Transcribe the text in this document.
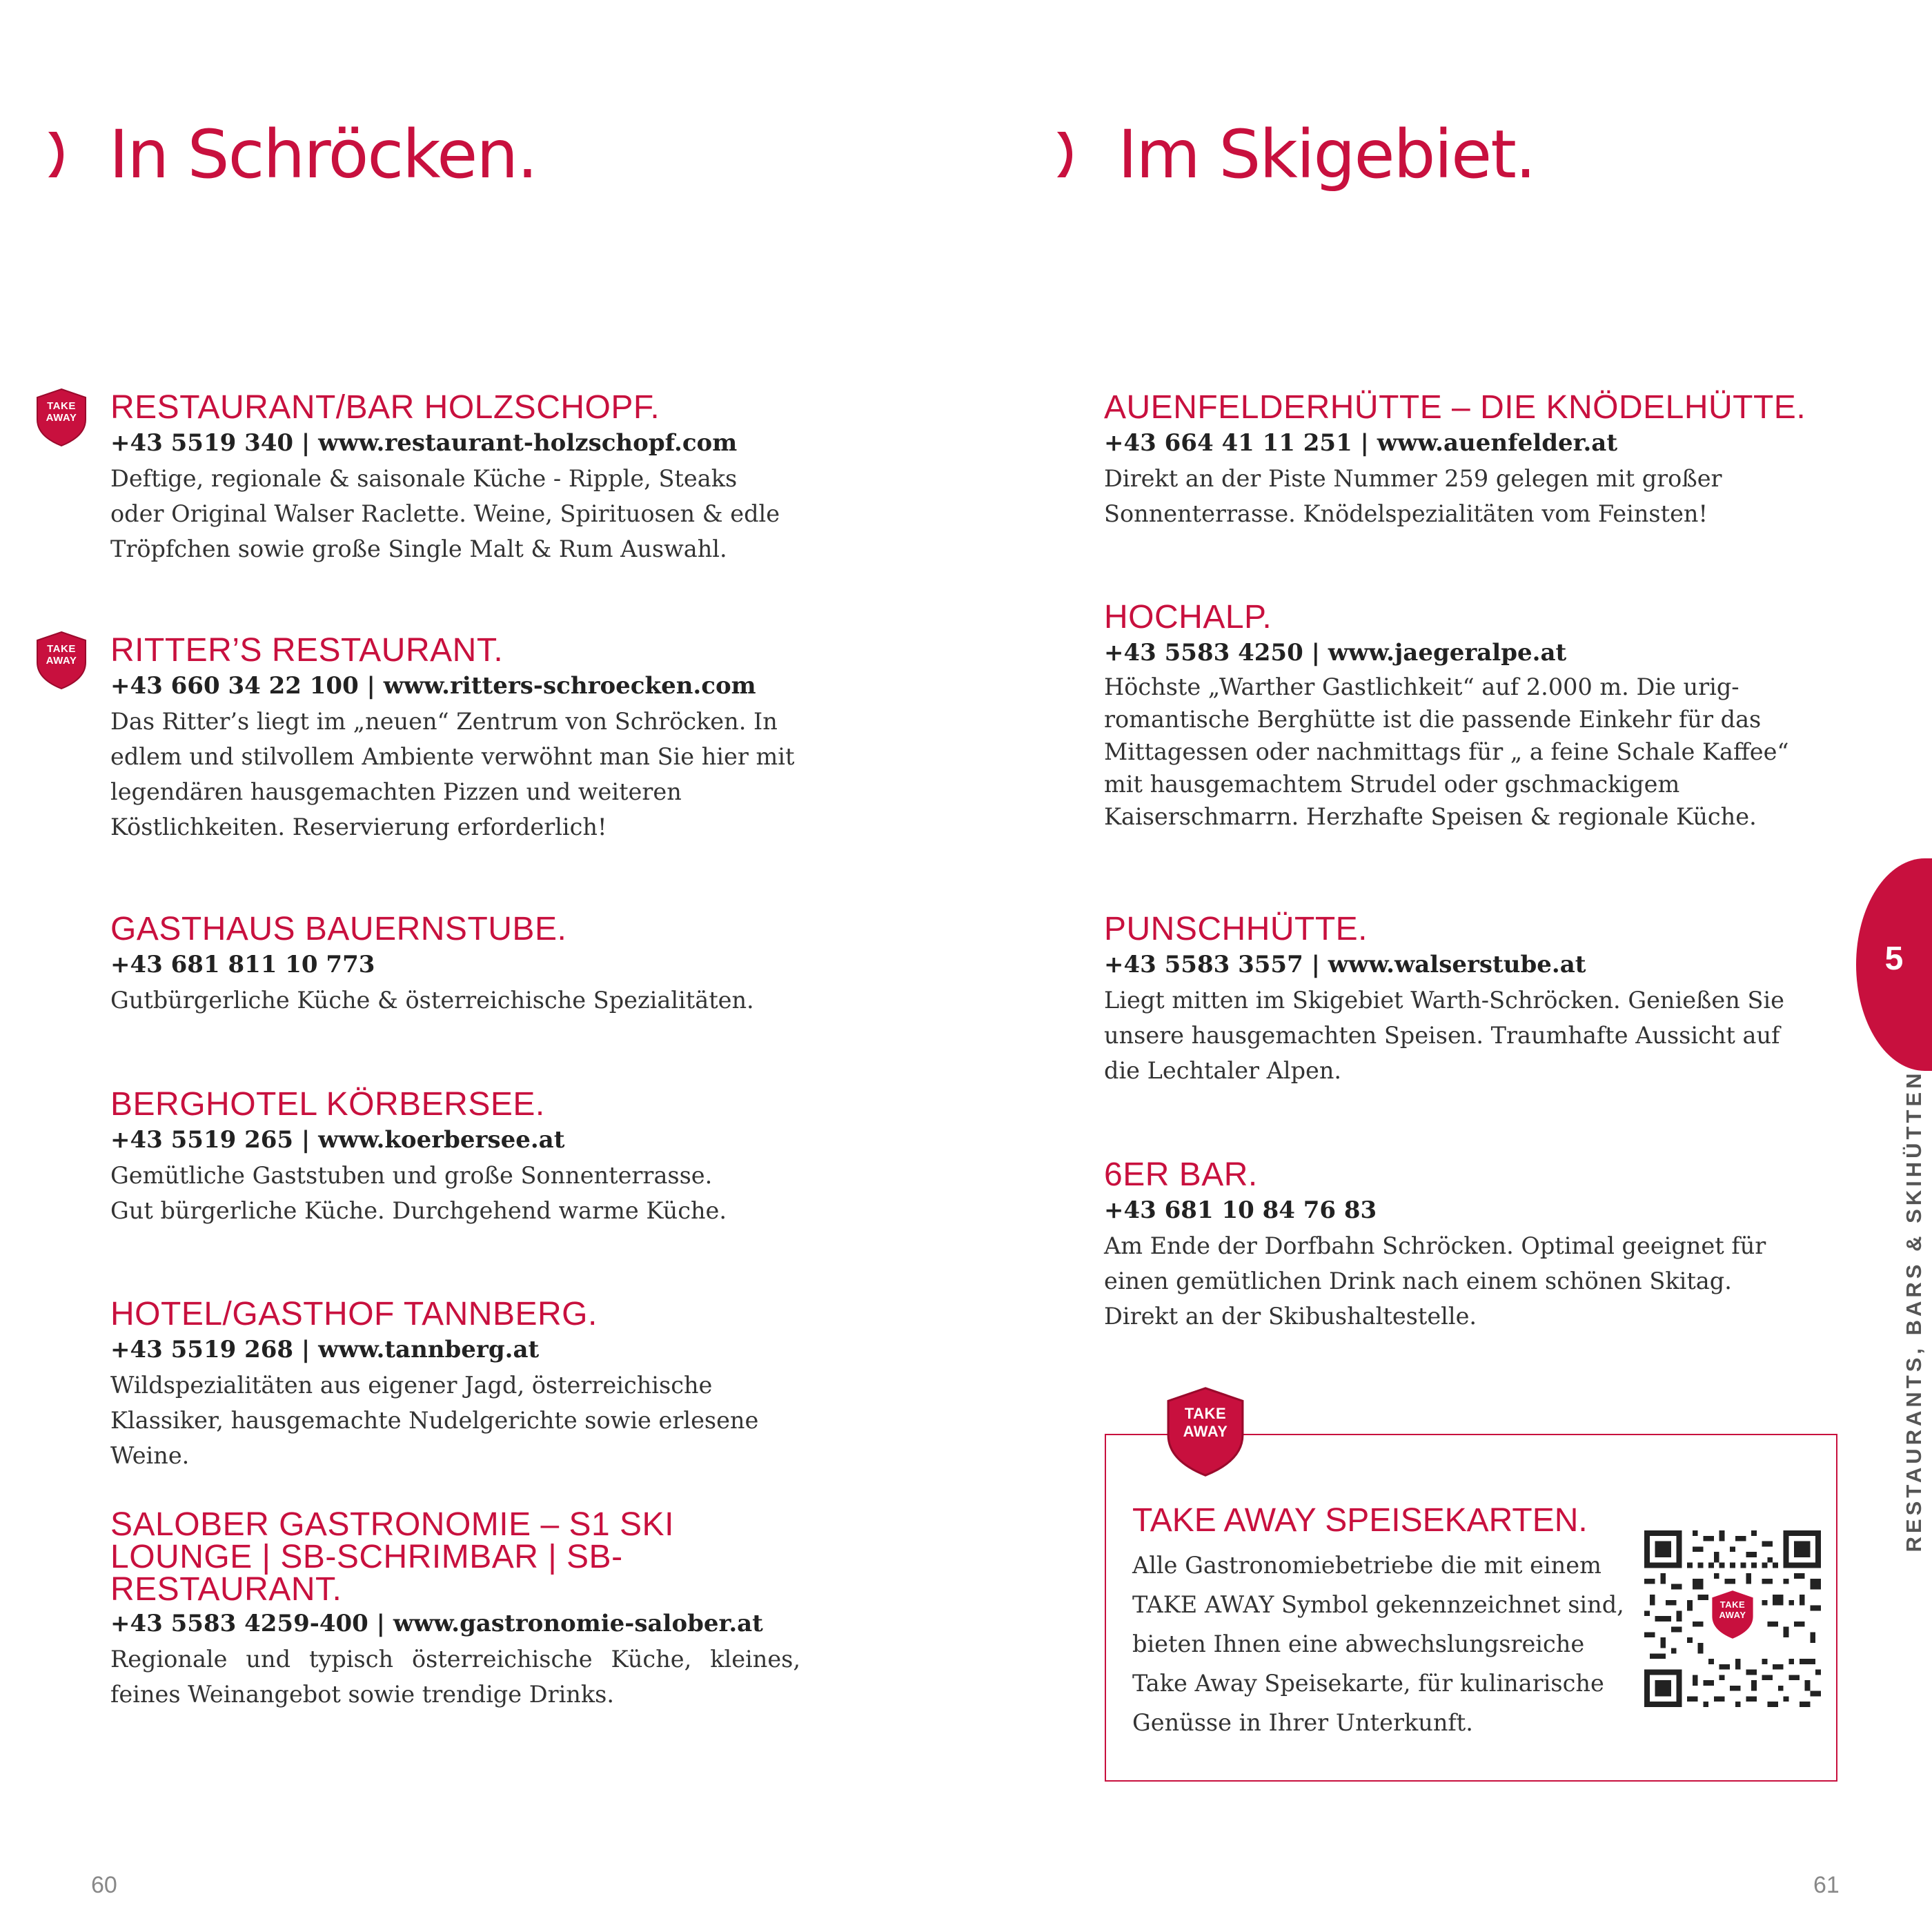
In Schröcken.	Im Skigebiet.
TAKE
AWAY
TAKE
AWAY
RESTAURANT/BAR HOLZSCHOPF.
+43 5519 340 | www.restaurant-holzschopf.com
Deftige, regionale & saisonale Küche - Ripple, Steaks oder Original Walser Raclette. Weine, Spirituosen & edle Tröpfchen sowie große Single Malt & Rum Auswahl.
RITTER’S RESTAURANT.
+43 660 34 22 100 | www.ritters-schroecken.com
Das Ritter’s liegt im „neuen“ Zentrum von Schröcken. In edlem und stilvollem Ambiente verwöhnt man Sie hier mit legendären hausgemachten Pizzen und weiteren Köstlichkeiten. Reservierung erforderlich!
GASTHAUS BAUERNSTUBE.
+43 681 811 10 773
Gutbürgerliche Küche & österreichische Spezialitäten.
BERGHOTEL KÖRBERSEE.
+43 5519 265 | www.koerbersee.at
Gemütliche Gaststuben und große Sonnenterrasse. Gut bürgerliche Küche. Durchgehend warme Küche.
HOTEL/GASTHOF TANNBERG.
+43 5519 268 | www.tannberg.at
Wildspezialitäten aus eigener Jagd, österreichische Klassiker, hausgemachte Nudelgerichte sowie erlesene Weine.
SALOBER GASTRONOMIE – S1 SKI LOUNGE | SB-SCHRIMBAR | SB-RESTAURANT.
+43 5583 4259-400 | www.gastronomie-salober.at
Regionale und typisch österreichische Küche, kleines, feines Weinangebot sowie trendige Drinks.
AUENFELDERHÜTTE – DIE KNÖDELHÜTTE.
+43 664 41 11 251 | www.auenfelder.at
Direkt an der Piste Nummer 259 gelegen mit großer Sonnenterrasse. Knödelspezialitäten vom Feinsten!
HOCHALP.
+43 5583 4250 | www.jaegeralpe.at
Höchste „Warther Gastlichkeit“ auf 2.000 m. Die urig-romantische Berghütte ist die passende Einkehr für das Mittagessen oder nachmittags für „ a feine Schale Kaffee“ mit hausgemachtem Strudel oder gschmackigem Kaiserschmarrn. Herzhafte Speisen & regionale Küche.
PUNSCHHÜTTE.
+43 5583 3557 | www.walserstube.at
Liegt mitten im Skigebiet Warth-Schröcken. Genießen Sie unsere hausgemachten Speisen. Traumhafte Aussicht auf die Lechtaler Alpen.
6ER BAR.
+43 681 10 84 76 83
Am Ende der Dorfbahn Schröcken. Optimal geeignet für einen gemütlichen Drink nach einem schönen Skitag. Direkt an der Skibushaltestelle.
TAKE
AWAY
TAKE AWAY SPEISEKARTEN.
Alle Gastronomiebetriebe die mit einem
TAKE AWAY Symbol gekennzeichnet sind,
bieten Ihnen eine abwechslungsreiche
Take Away Speisekarte, für kulinarische
Genüsse in Ihrer Unterkunft.
TAKE
AWAY
5
RESTAURANTS, BARS & SKIHÜTTEN
60	61
